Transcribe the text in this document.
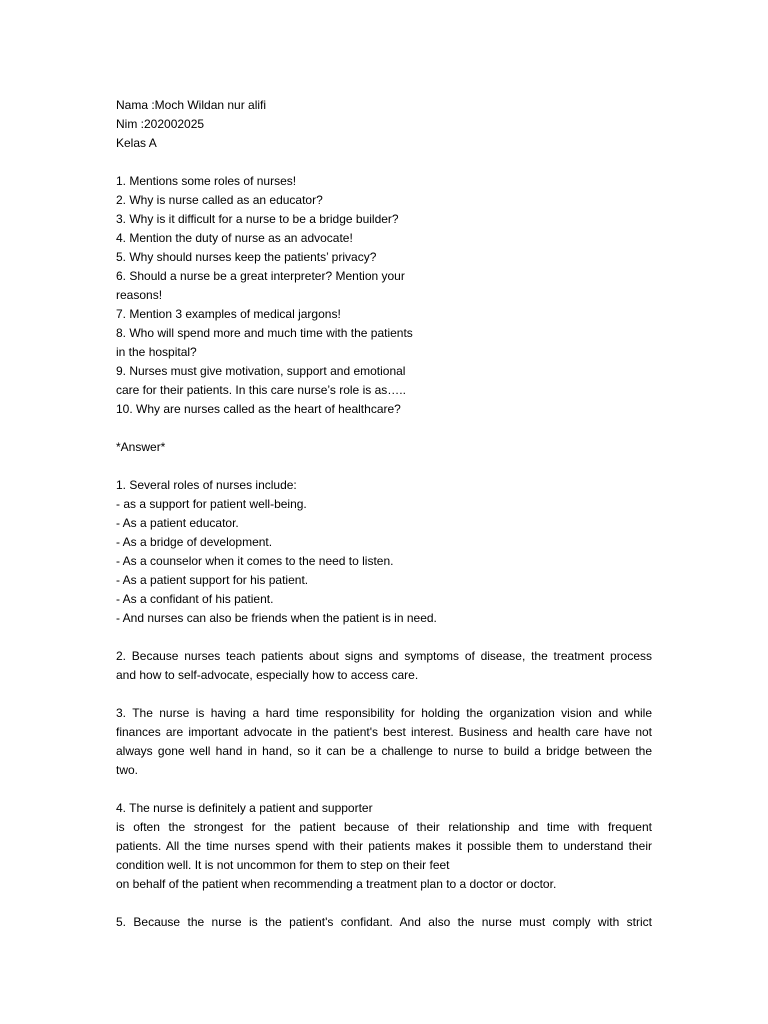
Nama :Moch Wildan nur alifi
Nim :202002025
Kelas A
1. Mentions some roles of nurses!
2. Why is nurse called as an educator?
3. Why is it difficult for a nurse to be a bridge builder?
4. Mention the duty of nurse as an advocate!
5. Why should nurses keep the patients’ privacy?
6. Should a nurse be a great interpreter? Mention your
reasons!
7. Mention 3 examples of medical jargons!
8. Who will spend more and much time with the patients
in the hospital?
9. Nurses must give motivation, support and emotional
care for their patients. In this care nurse’s role is as…..
10. Why are nurses called as the heart of healthcare?
*Answer*
1. Several roles of nurses include:
- as a support for patient well-being.
- As a patient educator.
- As a bridge of development.
- As a counselor when it comes to the need to listen.
- As a patient support for his patient.
- As a confidant of his patient.
- And nurses can also be friends when the patient is in need.
2. Because nurses teach patients about signs and symptoms of disease, the treatment process
and how to self-advocate, especially how to access care.
3. The nurse is having a hard time responsibility for holding the organization vision and while
finances are important advocate in the patient's best interest. Business and health care have not
always gone well hand in hand, so it can be a challenge to nurse to build a bridge between the
two.
4. The nurse is definitely a patient and supporter
is often the strongest for the patient because of their relationship and time with frequent
patients. All the time nurses spend with their patients makes it possible them to understand their
condition well. It is not uncommon for them to step on their feet
on behalf of the patient when recommending a treatment plan to a doctor or doctor.
5. Because the nurse is the patient's confidant. And also the nurse must comply with strict
